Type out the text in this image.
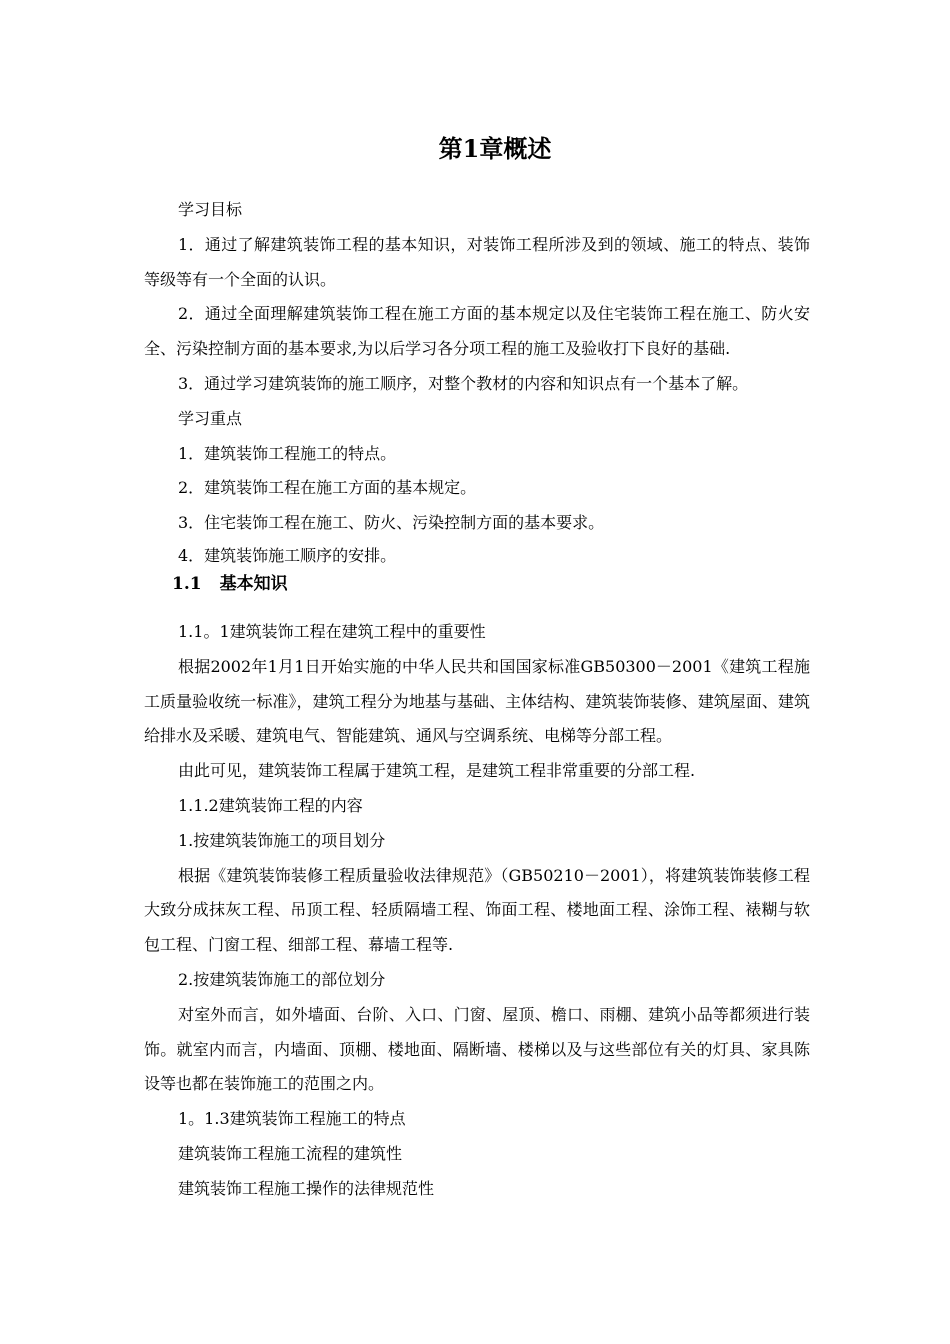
第1章概述

学习目标

1．通过了解建筑装饰工程的基本知识，对装饰工程所涉及到的领域、施工的特点、装饰等级等有一个全面的认识。

2．通过全面理解建筑装饰工程在施工方面的基本规定以及住宅装饰工程在施工、防火安全、污染控制方面的基本要求,为以后学习各分项工程的施工及验收打下良好的基础.

3．通过学习建筑装饰的施工顺序，对整个教材的内容和知识点有一个基本了解。

学习重点

1．建筑装饰工程施工的特点。

2．建筑装饰工程在施工方面的基本规定。

3．住宅装饰工程在施工、防火、污染控制方面的基本要求。

4．建筑装饰施工顺序的安排。

1.1 基本知识

1.1。1建筑装饰工程在建筑工程中的重要性

根据2002年1月1日开始实施的中华人民共和国国家标准GB50300－2001《建筑工程施工质量验收统一标准》，建筑工程分为地基与基础、主体结构、建筑装饰装修、建筑屋面、建筑给排水及采暖、建筑电气、智能建筑、通风与空调系统、电梯等分部工程。

由此可见，建筑装饰工程属于建筑工程，是建筑工程非常重要的分部工程.

1.1.2建筑装饰工程的内容

1.按建筑装饰施工的项目划分

根据《建筑装饰装修工程质量验收法律规范》（GB50210－2001），将建筑装饰装修工程大致分成抹灰工程、吊顶工程、轻质隔墙工程、饰面工程、楼地面工程、涂饰工程、裱糊与软包工程、门窗工程、细部工程、幕墙工程等.

2.按建筑装饰施工的部位划分

对室外而言，如外墙面、台阶、入口、门窗、屋顶、檐口、雨棚、建筑小品等都须进行装饰。就室内而言，内墙面、顶棚、楼地面、隔断墙、楼梯以及与这些部位有关的灯具、家具陈设等也都在装饰施工的范围之内。

1。1.3建筑装饰工程施工的特点

建筑装饰工程施工流程的建筑性

建筑装饰工程施工操作的法律规范性
